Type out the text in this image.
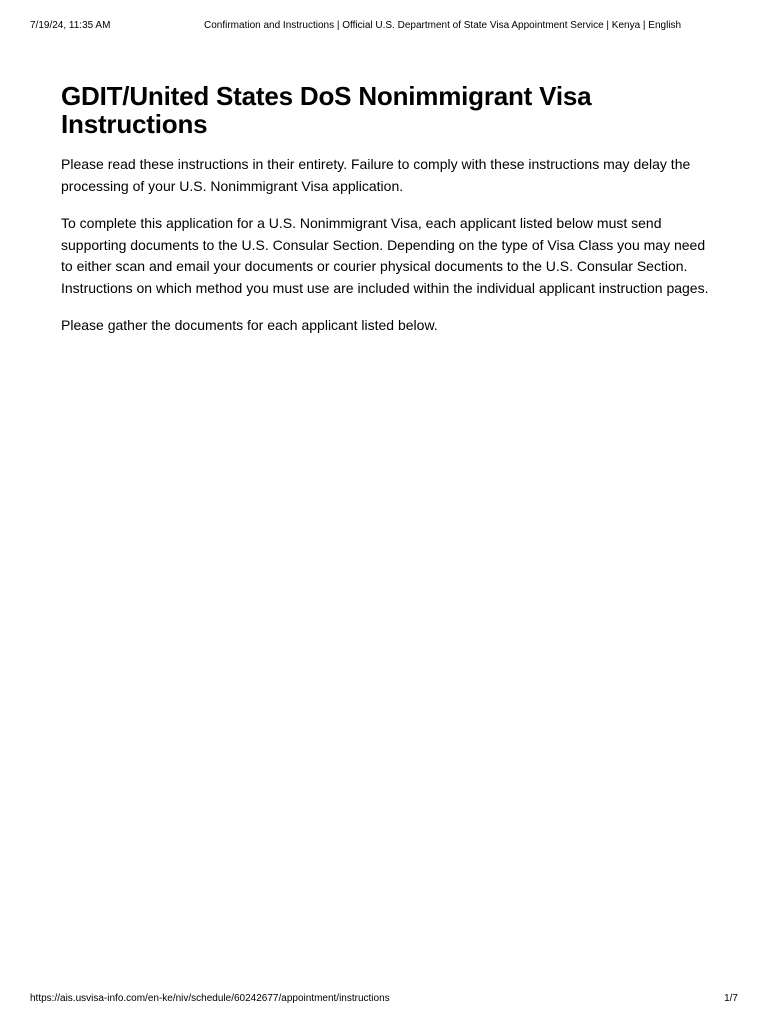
7/19/24, 11:35 AM	Confirmation and Instructions | Official U.S. Department of State Visa Appointment Service | Kenya | English
GDIT/United States DoS Nonimmigrant Visa
Instructions

Please read these instructions in their entirety. Failure to comply with these instructions may delay the
processing of your U.S. Nonimmigrant Visa application.

To complete this application for a U.S. Nonimmigrant Visa, each applicant listed below must send
supporting documents to the U.S. Consular Section. Depending on the type of Visa Class you may need
to either scan and email your documents or courier physical documents to the U.S. Consular Section.
Instructions on which method you must use are included within the individual applicant instruction pages.

Please gather the documents for each applicant listed below.

https://ais.usvisa-info.com/en-ke/niv/schedule/60242677/appointment/instructions	1/7
